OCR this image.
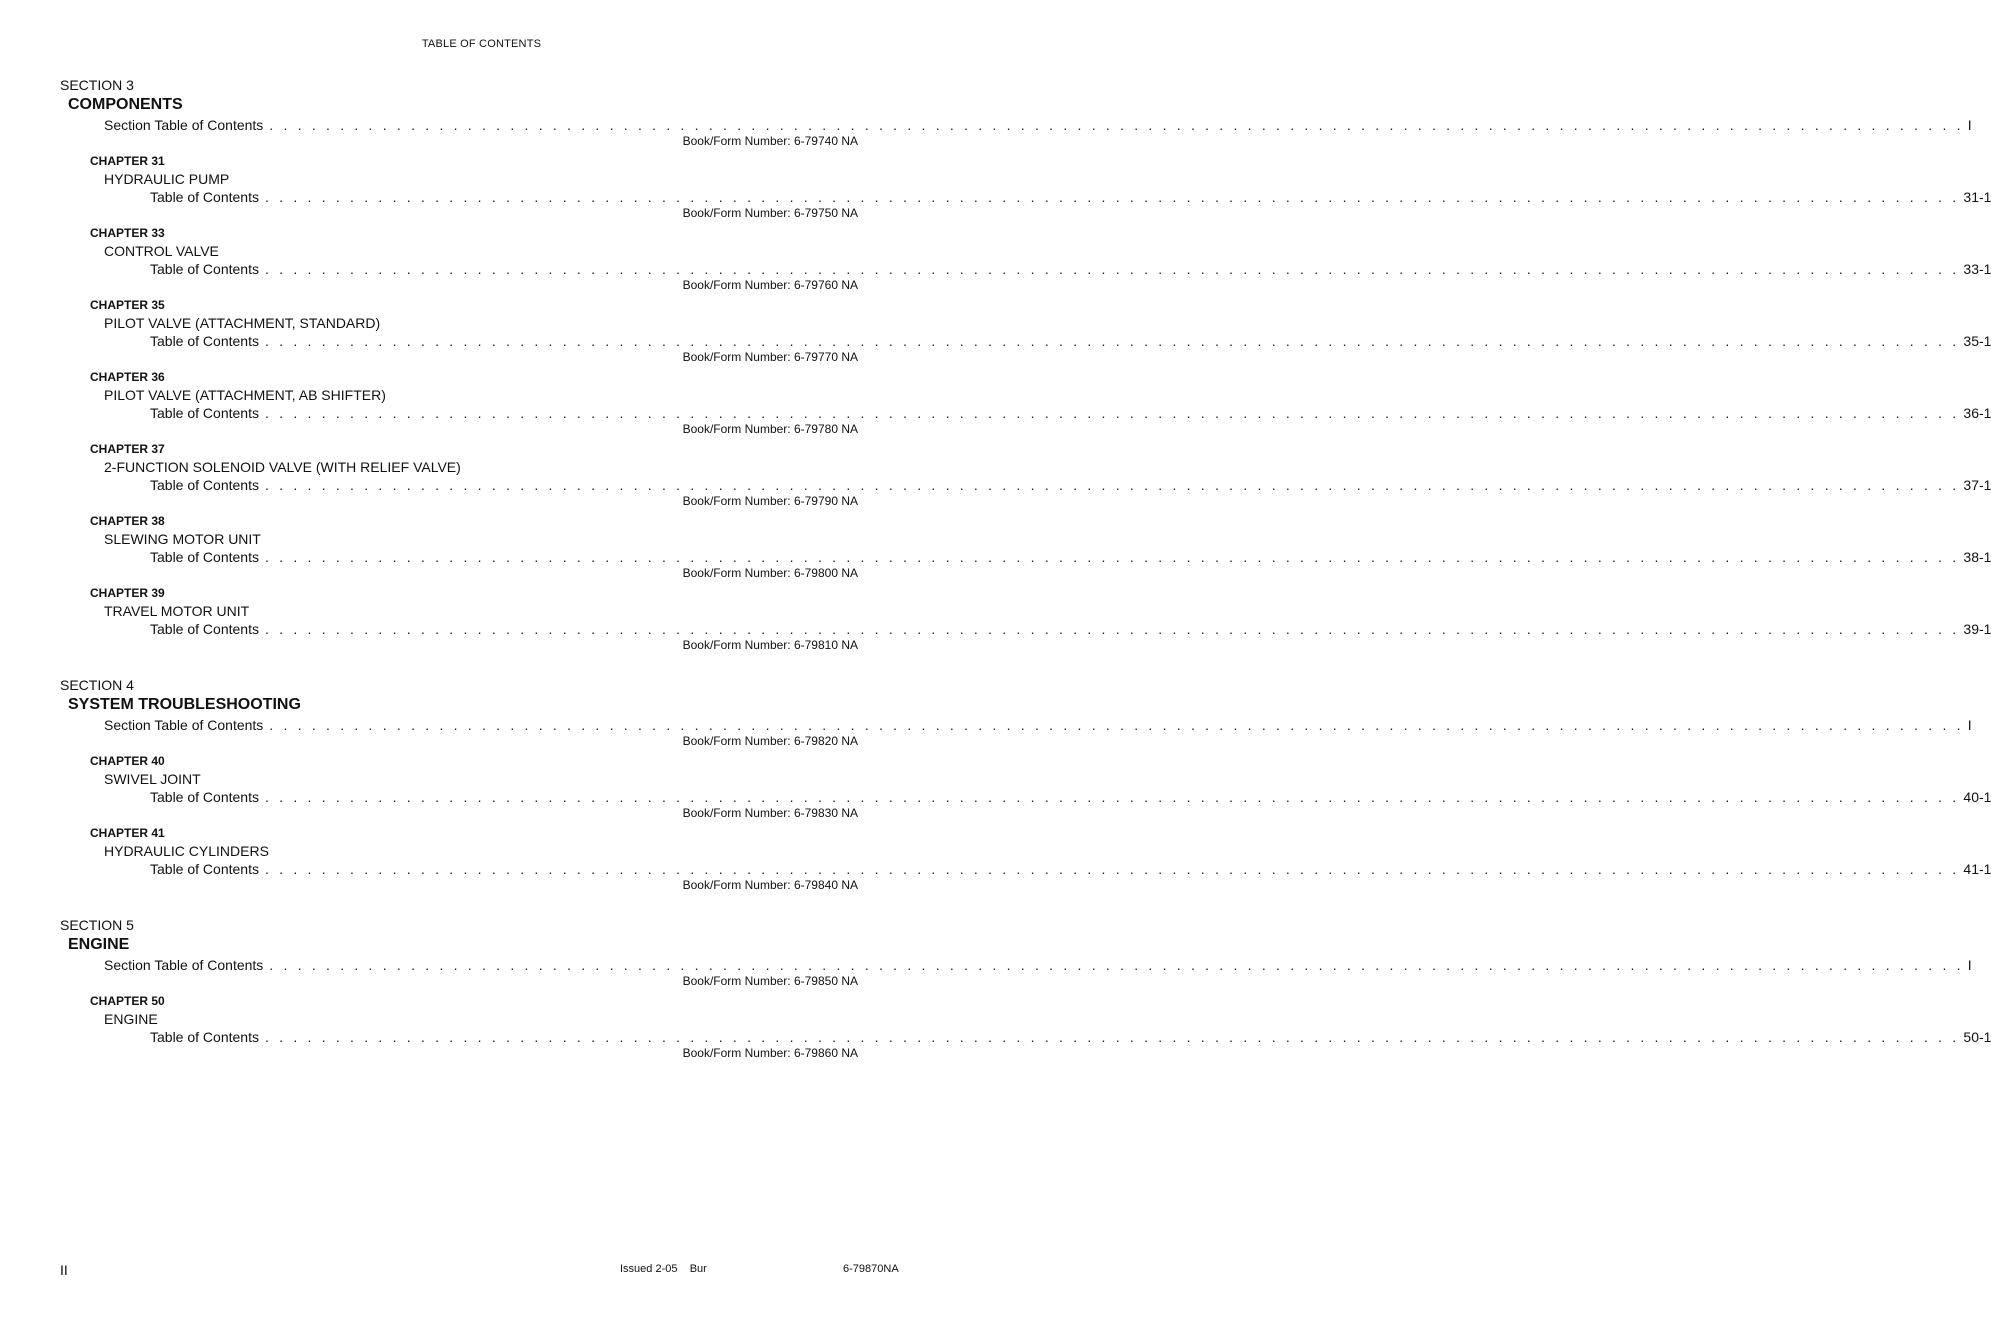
TABLE OF CONTENTS
SECTION 3
COMPONENTS
Section Table of Contents . . . . . . . . . . . . . . . . . . . . . . . . . . . . . . . . . . . . . . . . . . . . . . . . . . . . . . . . . . . . . . . . . . . . . . . . . . . . . . . . . . . . . . . . . . . . . . . . . . . . . . . . . . . . . . . . . . . . . . . . I
Book/Form Number: 6-79740 NA
CHAPTER 31
HYDRAULIC PUMP
Table of Contents . . . . . . . . . . . . . . . . . . . . . . . . . . . . . . . . . . . . . . . . . . . . . . . . . . . . . . . . . . . . . . . . . . . . . . . . . . . . . . . . . . . . . . . . . . . . . . . . . . . . . . . . . . . . . . . . . . . . . . . . 31-1
Book/Form Number: 6-79750 NA
CHAPTER 33
CONTROL VALVE
Table of Contents . . . . . . . . . . . . . . . . . . . . . . . . . . . . . . . . . . . . . . . . . . . . . . . . . . . . . . . . . . . . . . . . . . . . . . . . . . . . . . . . . . . . . . . . . . . . . . . . . . . . . . . . . . . . . . . . . . . . . . . . 33-1
Book/Form Number: 6-79760 NA
CHAPTER 35
PILOT VALVE (ATTACHMENT, STANDARD)
Table of Contents . . . . . . . . . . . . . . . . . . . . . . . . . . . . . . . . . . . . . . . . . . . . . . . . . . . . . . . . . . . . . . . . . . . . . . . . . . . . . . . . . . . . . . . . . . . . . . . . . . . . . . . . . . . . . . . . . . . . . . . . 35-1
Book/Form Number: 6-79770 NA
CHAPTER 36
PILOT VALVE (ATTACHMENT, AB SHIFTER)
Table of Contents . . . . . . . . . . . . . . . . . . . . . . . . . . . . . . . . . . . . . . . . . . . . . . . . . . . . . . . . . . . . . . . . . . . . . . . . . . . . . . . . . . . . . . . . . . . . . . . . . . . . . . . . . . . . . . . . . . . . . . . . 36-1
Book/Form Number: 6-79780 NA
CHAPTER 37
2-FUNCTION SOLENOID VALVE (WITH RELIEF VALVE)
Table of Contents . . . . . . . . . . . . . . . . . . . . . . . . . . . . . . . . . . . . . . . . . . . . . . . . . . . . . . . . . . . . . . . . . . . . . . . . . . . . . . . . . . . . . . . . . . . . . . . . . . . . . . . . . . . . . . . . . . . . . . . . 37-1
Book/Form Number: 6-79790 NA
CHAPTER 38
SLEWING MOTOR UNIT
Table of Contents . . . . . . . . . . . . . . . . . . . . . . . . . . . . . . . . . . . . . . . . . . . . . . . . . . . . . . . . . . . . . . . . . . . . . . . . . . . . . . . . . . . . . . . . . . . . . . . . . . . . . . . . . . . . . . . . . . . . . . . . 38-1
Book/Form Number: 6-79800 NA
CHAPTER 39
TRAVEL MOTOR UNIT
Table of Contents . . . . . . . . . . . . . . . . . . . . . . . . . . . . . . . . . . . . . . . . . . . . . . . . . . . . . . . . . . . . . . . . . . . . . . . . . . . . . . . . . . . . . . . . . . . . . . . . . . . . . . . . . . . . . . . . . . . . . . . . 39-1
Book/Form Number: 6-79810 NA
SECTION 4
SYSTEM TROUBLESHOOTING
Section Table of Contents . . . . . . . . . . . . . . . . . . . . . . . . . . . . . . . . . . . . . . . . . . . . . . . . . . . . . . . . . . . . . . . . . . . . . . . . . . . . . . . . . . . . . . . . . . . . . . . . . . . . . . . . . . . . . . . . . . . . . . . . I
Book/Form Number: 6-79820 NA
CHAPTER 40
SWIVEL JOINT
Table of Contents . . . . . . . . . . . . . . . . . . . . . . . . . . . . . . . . . . . . . . . . . . . . . . . . . . . . . . . . . . . . . . . . . . . . . . . . . . . . . . . . . . . . . . . . . . . . . . . . . . . . . . . . . . . . . . . . . . . . . . . . 40-1
Book/Form Number: 6-79830 NA
CHAPTER 41
HYDRAULIC CYLINDERS
Table of Contents . . . . . . . . . . . . . . . . . . . . . . . . . . . . . . . . . . . . . . . . . . . . . . . . . . . . . . . . . . . . . . . . . . . . . . . . . . . . . . . . . . . . . . . . . . . . . . . . . . . . . . . . . . . . . . . . . . . . . . . . 41-1
Book/Form Number: 6-79840 NA
SECTION 5
ENGINE
Section Table of Contents . . . . . . . . . . . . . . . . . . . . . . . . . . . . . . . . . . . . . . . . . . . . . . . . . . . . . . . . . . . . . . . . . . . . . . . . . . . . . . . . . . . . . . . . . . . . . . . . . . . . . . . . . . . . . . . . . . . . . . . . I
Book/Form Number: 6-79850 NA
CHAPTER 50
ENGINE
Table of Contents . . . . . . . . . . . . . . . . . . . . . . . . . . . . . . . . . . . . . . . . . . . . . . . . . . . . . . . . . . . . . . . . . . . . . . . . . . . . . . . . . . . . . . . . . . . . . . . . . . . . . . . . . . . . . . . . . . . . . . . . 50-1
Book/Form Number: 6-79860 NA
II	Issued 2-05    Bur	6-79870NA
